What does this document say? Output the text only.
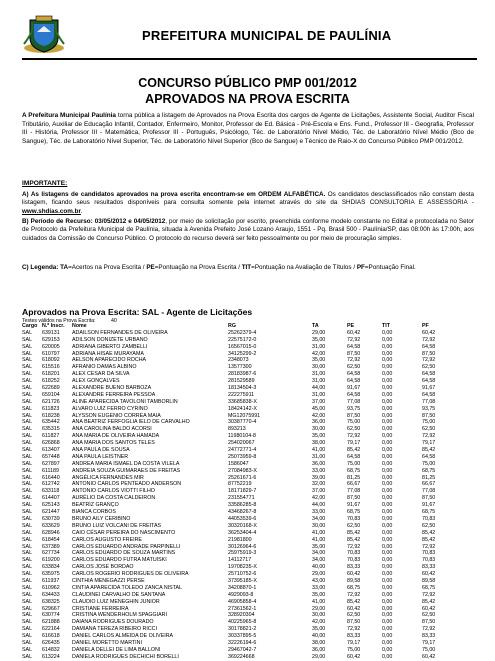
PREFEITURA MUNICIPAL DE PAULÍNIA
CONCURSO PÚBLICO PMP 001/2012
APROVADOS NA PROVA ESCRITA
A Prefeitura Municipal Paulínia torna pública a listagem de Aprovados na Prova Escrita dos cargos de Agente de Licitações, Assistente Social, Auditor Fiscal Tributário, Auxiliar de Educação Infantil, Contador, Enfermeiro, Monitor, Professor de Ed. Básica - Pré-Escola e Ens. Fund., Professor III - Geografia, Professor III - História, Professor III - Matemática, Professor III - Português, Psicólogo, Téc. de Laboratório Nível Médio, Téc. de Laboratório Nível Médio (Bco de Sangue), Téc. de Laboratório Nível Superior, Téc. de Laboratório Nível Superior (Bco de Sangue) e Técnico de Raio-X do Concurso Público PMP 001/2012.
IMPORTANTE:
A) As listagens de candidatos aprovados na prova escrita encontram-se em ORDEM ALFABÉTICA. Os candidatos desclassificados não constam desta listagem, ficando seus resultados disponíveis para consulta somente pela internet através do site da SHDIAS CONSULTORIA E ASSESSORIA - www.shdias.com.br.
B) Período de Recurso: 03/05/2012 e 04/05/2012, por meio de solicitação por escrito, preenchida conforme modelo constante no Edital e protocolada no Setor de Protocolo da Prefeitura Municipal de Paulínia, situada à Avenida Prefeito José Lozano Araujo, 1551 - Pq. Brasil 500 - Paulínia/SP, das 08:00h às 17:00h, aos cuidados da Comissão de Concurso Público. O protocolo do recurso deverá ser feito pessoalmente ou por meio de procuração simples.
C) Legenda: TA=Acertos na Prova Escrita / PE=Pontuação na Prova Escrita / TIT=Pontuação na Avaliação de Títulos / PF=Pontuação Final.
Aprovados na Prova Escrita: SAL - Agente de Licitações
Testes válidos na Prova Escrita:	40
Cargo N.º Inscr. Nome	RG	TA	PE	TIT	PF
SAL 639131 ADAILSON FERNANDES DE OLIVEIRA	25262379-4	29,00	60,42	0,00	60,42
SAL 629153 ADILSON DONIZETE URBANO	22575172-0	35,00	72,92	0,00	72,92
SAL 620005 ADRIANA GIBERTO ZAMBELLI	16567015-0	31,00	64,58	0,00	64,58
SAL 610797 ADRIANA HISAE MURAYAMA	34125299-2	42,00	87,50	0,00	87,50
SAL 618092 AELSON APARECIDO ROCHA	2348073	35,00	72,92	0,00	72,92
SAL 615516 AFRANIO DAMAS ALBINO	13577300	30,00	62,50	0,00	62,50
SAL 618201 ALEX CESAR DA SILVA	28183987-6	31,00	64,58	0,00	64,58
SAL 618252 ALEX GONÇALVES	281529589	31,00	64,58	0,00	64,58
SAL 622689 ALEXANDRE BUENO BARBOZA	18134504-3	44,00	91,67	0,00	91,67
SAL 659104 ALEXANDRE FERREIRA PESSOA	222275911	31,00	64,58	0,00	64,58
SAL 621726 ALINE APARECIDA TAVOLONI TAMBORLIN	33685838-X	37,00	77,08	0,00	77,08
SAL 611823 ALVARO LUIZ FERRO CYRINO	18424142-X	45,00	93,75	0,00	93,75
SAL 618238 ALYSSON EUGENIO CORREA MAIA	MG12075991	42,00	87,50	0,00	87,50
SAL 635442 ANA BEATRIZ FERFOGLIA IELO DE CARVALHO	30387770-4	36,00	75,00	0,00	75,00
SAL 635315 ANA CAROLINA BALDO ACORSI	893213	30,00	62,50	0,00	62,50
SAL 611827 ANA MARIA DE OLIVEIRA HAMADA	11980104-8	35,00	72,92	0,00	72,92
SAL 626868 ANA MARIA DOS SANTOS TELES	254020067	38,00	79,17	0,00	79,17
SAL 613407 ANA PAULA DE SOUSA	24772771-4	41,00	85,42	0,00	85,42
SAL 657448 ANA PAULA LEISTNER	25073959-8	31,00	64,58	0,00	64,58
SAL 627897 ANDREA MARIA ISMAEL DA COSTA VILELA	1586047	36,00	75,00	0,00	75,00
SAL 611189 ANDREIA SOUZA GUIMARAES DE FREITAS	27084983-X	33,00	68,75	0,00	68,75
SAL 616440 ANGÉLICA FERNANDES MIR	25261671-6	39,00	81,25	0,00	81,25
SAL 612742 ANTONIO CARLOS PENTEADO ANDERSON	87752219	32,00	66,67	0,00	66,67
SAL 633118 ANTONIO CARLOS VIOTTI FILHO	18171829-7	37,00	77,08	0,00	77,08
SAL 614407 AURÉLIO DA COSTA CALDEIRON	231554771	42,00	87,50	0,00	87,50
SAL 625143 BEATRIZ GRANÇO	33586285-8	44,00	91,67	0,00	91,67
SAL 621447 BIANCA CORBOS	43468267-8	33,00	68,75	0,00	68,75
SAL 630739 BRUNO AILY CERIBINO	44053539-6	34,00	70,83	0,00	70,83
SAL 633629 BRUNO LUIZ VOLCANI DE FREITAS	30320168-X	30,00	62,50	0,00	62,50
SAL 628946 CAIO CÉSAR PEREIRA DO NASCIMENTO	36253404-4	41,00	85,42	0,00	85,42
SAL 618454 CARLOS AUGUSTO FREIRE	21981800	41,00	85,42	0,00	85,42
SAL 637389 CARLOS EDUARDO ANDRADE PARPINELLI	30126964-6	35,00	72,92	0,00	72,92
SAL 627734 CARLOS EDUARDO DE SOUZA MARTINS	25975919-3	34,00	70,83	0,00	70,83
SAL 619200 CARLOS EDUARDO FUTRA MATUISKI	14112717	34,00	70,83	0,00	70,83
SAL 633834 CARLOS JOSE BORDAO	19708235-X	40,00	83,33	0,00	83,33
SAL 635975 CARLOS ROGERIO RODRIGUES DE OLIVEIRA	25710752-6	29,00	60,42	0,00	60,42
SAL 611937 CINTHIA MENEGAZZI PERSE	37395185-X	43,00	89,58	0,00	89,58
SAL 610962 CINTIA APARECIDA TOLEDO ZANCA NISTAL	34208870-1	33,00	68,75	0,00	68,75
SAL 634433 CLAUDINEI CARVALHO DE SANTANA	4929093-8	35,00	72,92	0,00	72,92
SAL 638325 CLAUDIO LUIZ MENEGHIN JUNIOR	46905858-4	41,00	85,42	0,00	85,42
SAL 629667 CRISTIANE FERREIRA	27361562-1	29,00	60,42	0,00	60,42
SAL 630774 CRISTINA WENDERHOLM SPAGGIARI	328920304	30,00	62,50	0,00	62,50
SAL 621888 DAIANA RODRIGUES DOURADO	40225965-8	42,00	87,50	0,00	87,50
SAL 622164 DAMIANA TEREZA RIBEIRO RICCI	30178821-2	35,00	72,92	0,00	72,92
SAL 616618 DANIEL CARLOS ALMEIDA DE OLIVEIRA	30337895-5	40,00	83,33	0,00	83,33
SAL 626435 DANIEL MORETTO MARTINI	32226194-6	38,00	79,17	0,00	79,17
SAL 614832 DANIELA DELLEI DE LIMA BALLONI	29467042-7	36,00	75,00	0,00	75,00
SAL 613224 DANIELA RODRIGUES DECHICHI BORELLI	369224668	29,00	60,42	0,00	60,42
